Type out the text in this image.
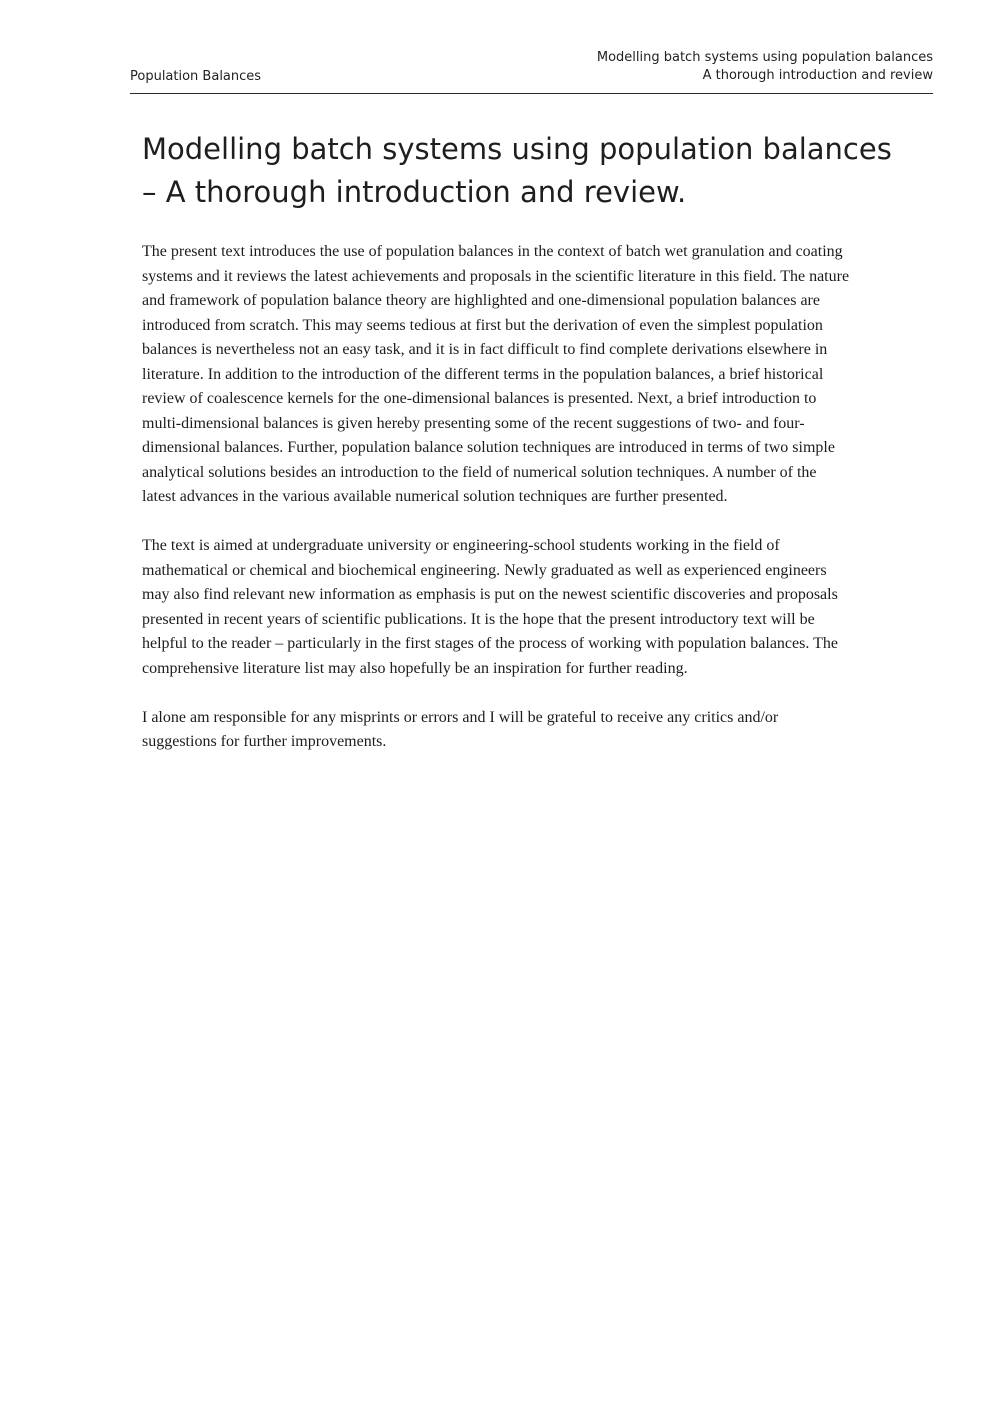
Population Balances
Modelling batch systems using population balances
A thorough introduction and review
Modelling batch systems using population balances – A thorough introduction and review.

The present text introduces the use of population balances in the context of batch wet granulation and coating systems and it reviews the latest achievements and proposals in the scientific literature in this field. The nature and framework of population balance theory are highlighted and one-dimensional population balances are introduced from scratch. This may seems tedious at first but the derivation of even the simplest population balances is nevertheless not an easy task, and it is in fact difficult to find complete derivations elsewhere in literature. In addition to the introduction of the different terms in the population balances, a brief historical review of coalescence kernels for the one-dimensional balances is presented. Next, a brief introduction to multi-dimensional balances is given hereby presenting some of the recent suggestions of two- and four-dimensional balances. Further, population balance solution techniques are introduced in terms of two simple analytical solutions besides an introduction to the field of numerical solution techniques. A number of the latest advances in the various available numerical solution techniques are further presented.

The text is aimed at undergraduate university or engineering-school students working in the field of mathematical or chemical and biochemical engineering. Newly graduated as well as experienced engineers may also find relevant new information as emphasis is put on the newest scientific discoveries and proposals presented in recent years of scientific publications. It is the hope that the present introductory text will be helpful to the reader – particularly in the first stages of the process of working with population balances. The comprehensive literature list may also hopefully be an inspiration for further reading.

I alone am responsible for any misprints or errors and I will be grateful to receive any critics and/or suggestions for further improvements.
